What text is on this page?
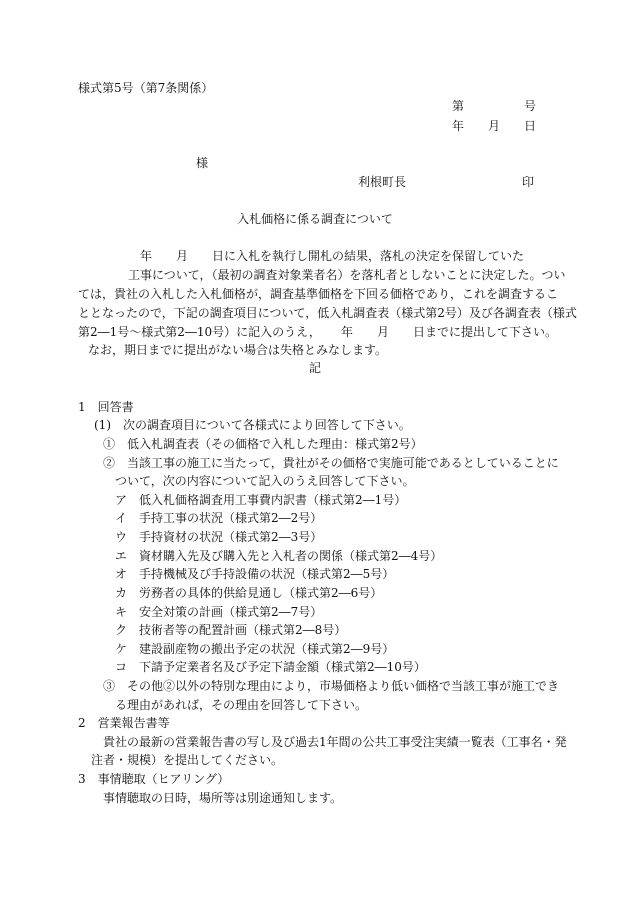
様式第5号（第7条関係）
第	号
年 月 日
様
利根町長	印
入札価格に係る調査について
年 月 日に入札を執行し開札の結果，落札の決定を保留していた
工事について，（最初の調査対象業者名）を落札者としないことに決定した。つい
ては，貴社の入札した入札価格が，調査基準価格を下回る価格であり，これを調査するこ
ととなったので，下記の調査項目について，低入札調査表（様式第2号）及び各調査表（様式
第2―1号～様式第2―10号）に記入のうえ， 年 月 日までに提出して下さい。
なお，期日までに提出がない場合は失格とみなします。
記
1　回答書
(1)　次の調査項目について各様式により回答して下さい。
①　低入札調査表（その価格で入札した理由：様式第2号）
②　当該工事の施工に当たって，貴社がその価格で実施可能であるとしていることに
ついて，次の内容について記入のうえ回答して下さい。
ア　低入札価格調査用工事費内訳書（様式第2―1号）
イ　手持工事の状況（様式第2―2号）
ウ　手持資材の状況（様式第2―3号）
エ　資材購入先及び購入先と入札者の関係（様式第2―4号）
オ　手持機械及び手持設備の状況（様式第2―5号）
カ　労務者の具体的供給見通し（様式第2―6号）
キ　安全対策の計画（様式第2―7号）
ク　技術者等の配置計画（様式第2―8号）
ケ　建設副産物の搬出予定の状況（様式第2―9号）
コ　下請予定業者名及び予定下請金額（様式第2―10号）
③　その他②以外の特別な理由により，市場価格より低い価格で当該工事が施工でき
る理由があれば，その理由を回答して下さい。
2　営業報告書等
貴社の最新の営業報告書の写し及び過去1年間の公共工事受注実績一覧表（工事名・発
注者・規模）を提出してください。
3　事情聴取（ヒアリング）
事情聴取の日時，場所等は別途通知します。
